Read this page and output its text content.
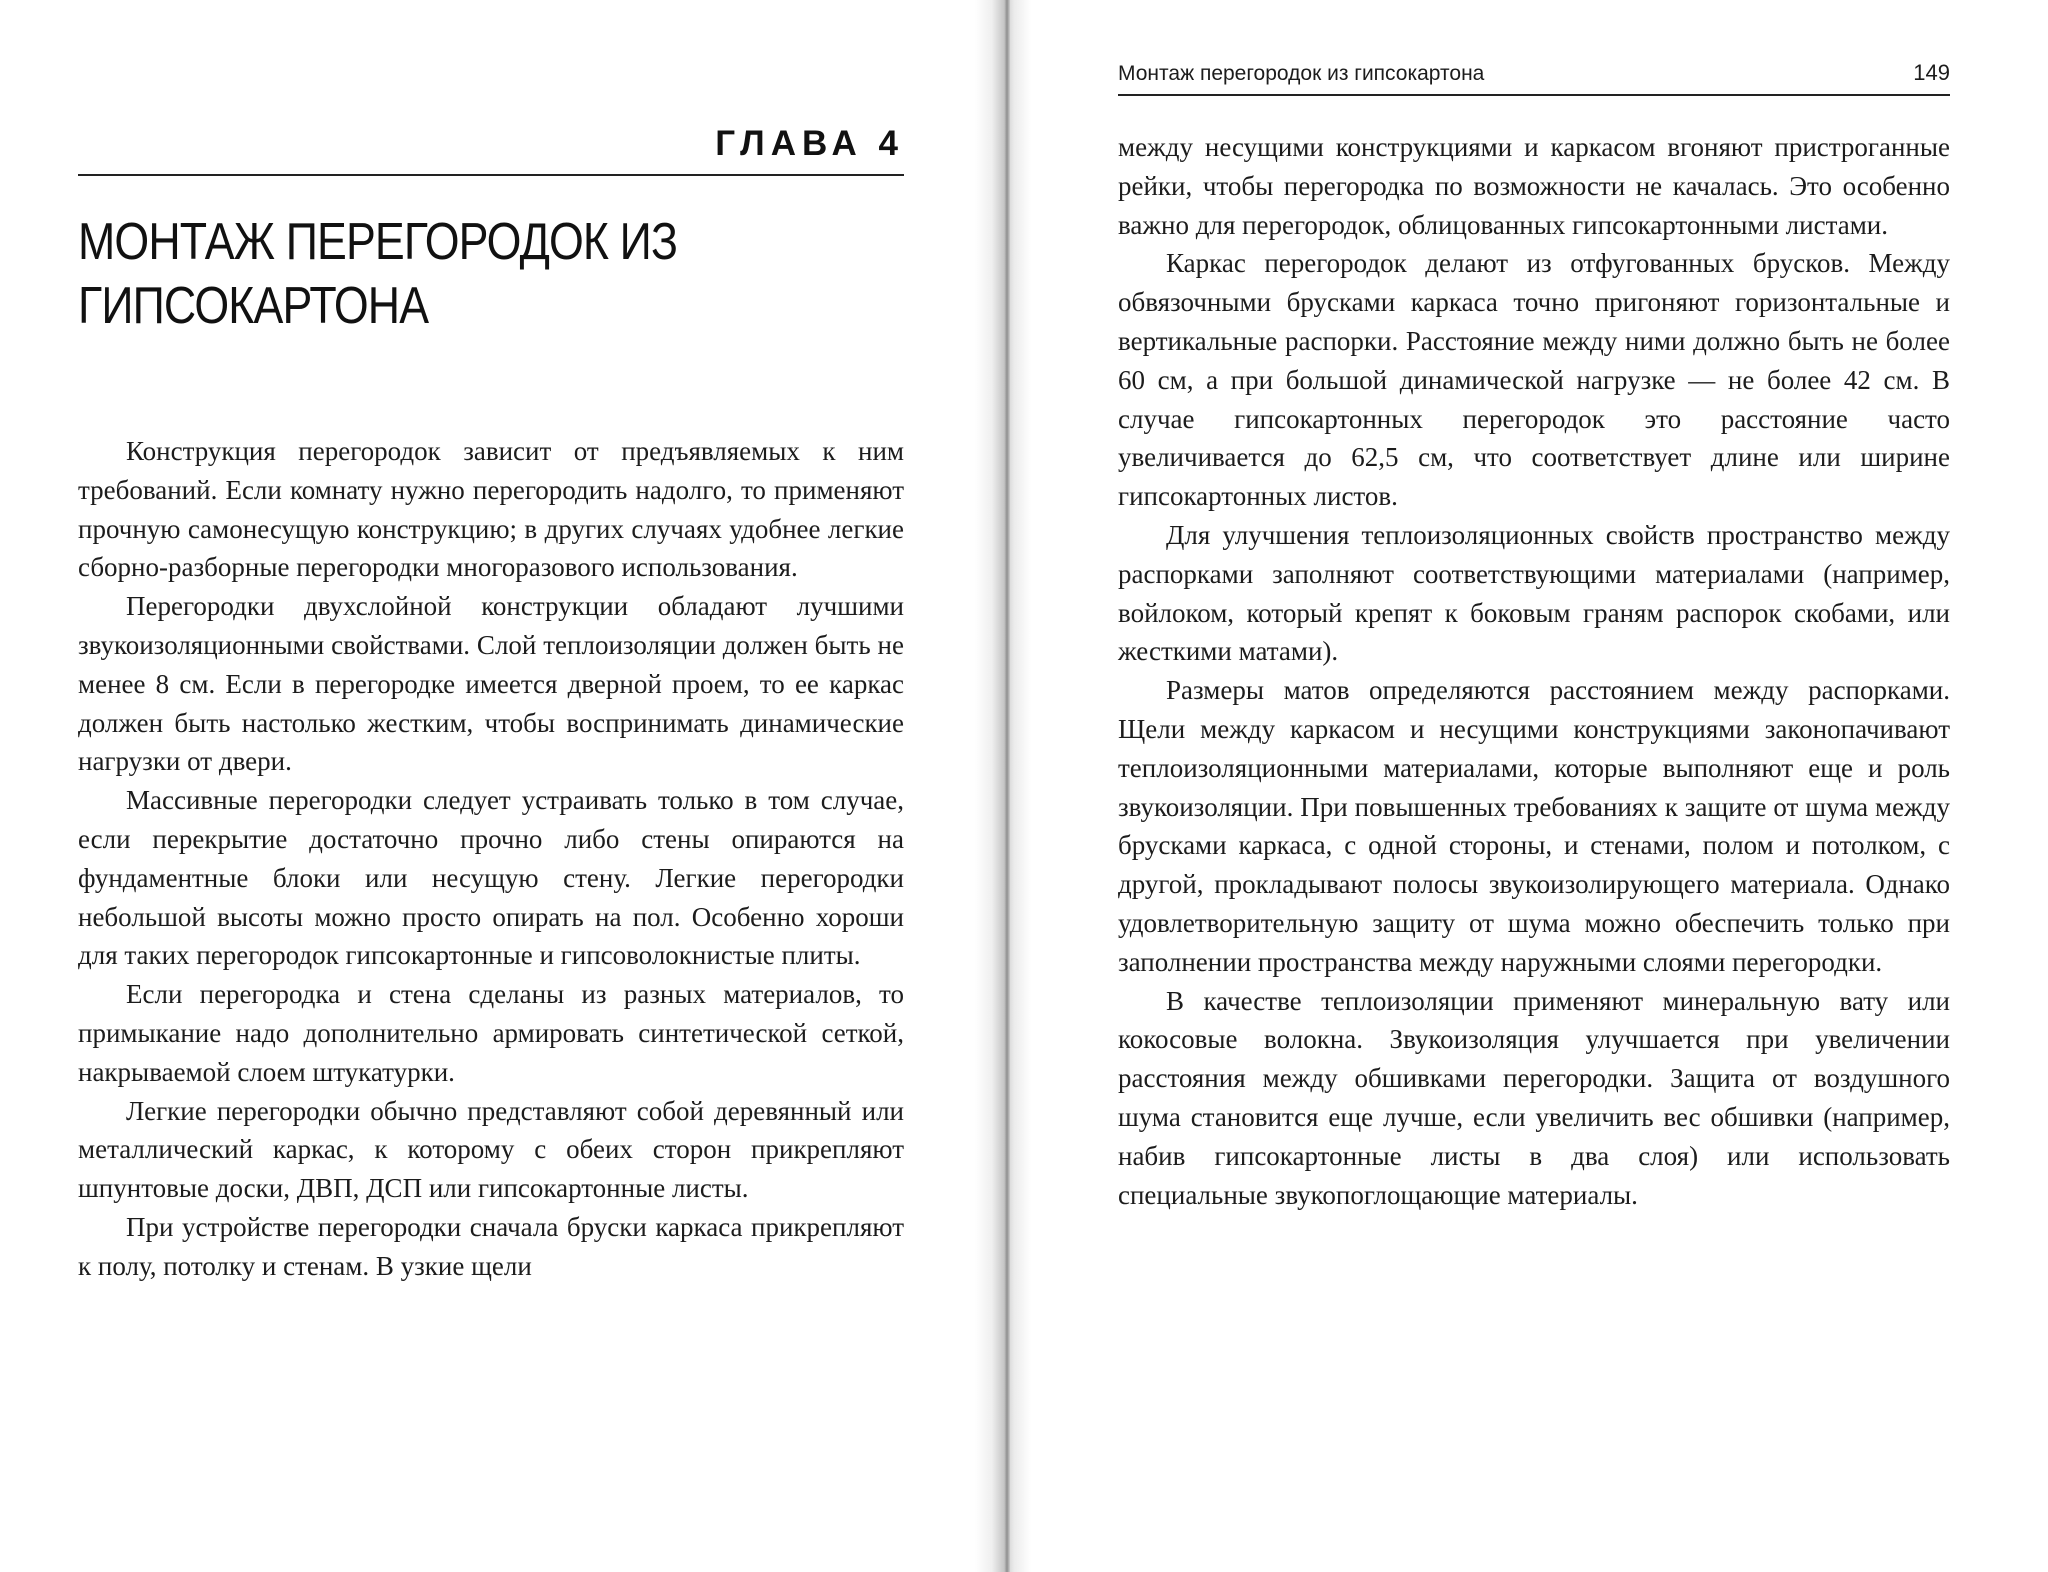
ГЛАВА 4
МОНТАЖ ПЕРЕГОРОДОК ИЗ ГИПСОКАРТОНА

Конструкция перегородок зависит от предъявляемых к ним требований. Если комнату нужно перегородить надолго, то применяют прочную самонесущую конструкцию; в других случаях удобнее легкие сборно-разборные перегородки многоразового использования.

Перегородки двухслойной конструкции обладают лучшими звукоизоляционными свойствами. Слой теплоизоляции должен быть не менее 8 см. Если в перегородке имеется дверной проем, то ее каркас должен быть настолько жестким, чтобы воспринимать динамические нагрузки от двери.

Массивные перегородки следует устраивать только в том случае, если перекрытие достаточно прочно либо стены опираются на фундаментные блоки или несущую стену. Легкие перегородки небольшой высоты можно просто опирать на пол. Особенно хороши для таких перегородок гипсокартонные и гипсоволокнистые плиты.

Если перегородка и стена сделаны из разных материалов, то примыкание надо дополнительно армировать синтетической сеткой, накрываемой слоем штукатурки.

Легкие перегородки обычно представляют собой деревянный или металлический каркас, к которому с обеих сторон прикрепляют шпунтовые доски, ДВП, ДСП или гипсокартонные листы.

При устройстве перегородки сначала бруски каркаса прикрепляют к полу, потолку и стенам. В узкие щели

Монтаж перегородок из гипсокартона	149

между несущими конструкциями и каркасом вгоняют пристроганные рейки, чтобы перегородка по возможности не качалась. Это особенно важно для перегородок, облицованных гипсокартонными листами.

Каркас перегородок делают из отфугованных брусков. Между обвязочными брусками каркаса точно пригоняют горизонтальные и вертикальные распорки. Расстояние между ними должно быть не более 60 см, а при большой динамической нагрузке — не более 42 см. В случае гипсокартонных перегородок это расстояние часто увеличивается до 62,5 см, что соответствует длине или ширине гипсокартонных листов.

Для улучшения теплоизоляционных свойств пространство между распорками заполняют соответствующими материалами (например, войлоком, который крепят к боковым граням распорок скобами, или жесткими матами).

Размеры матов определяются расстоянием между распорками. Щели между каркасом и несущими конструкциями законопачивают теплоизоляционными материалами, которые выполняют еще и роль звукоизоляции. При повышенных требованиях к защите от шума между брусками каркаса, с одной стороны, и стенами, полом и потолком, с другой, прокладывают полосы звукоизолирующего материала. Однако удовлетворительную защиту от шума можно обеспечить только при заполнении пространства между наружными слоями перегородки.

В качестве теплоизоляции применяют минеральную вату или кокосовые волокна. Звукоизоляция улучшается при увеличении расстояния между обшивками перегородки. Защита от воздушного шума становится еще лучше, если увеличить вес обшивки (например, набив гипсокартонные листы в два слоя) или использовать специальные звукопоглощающие материалы.
